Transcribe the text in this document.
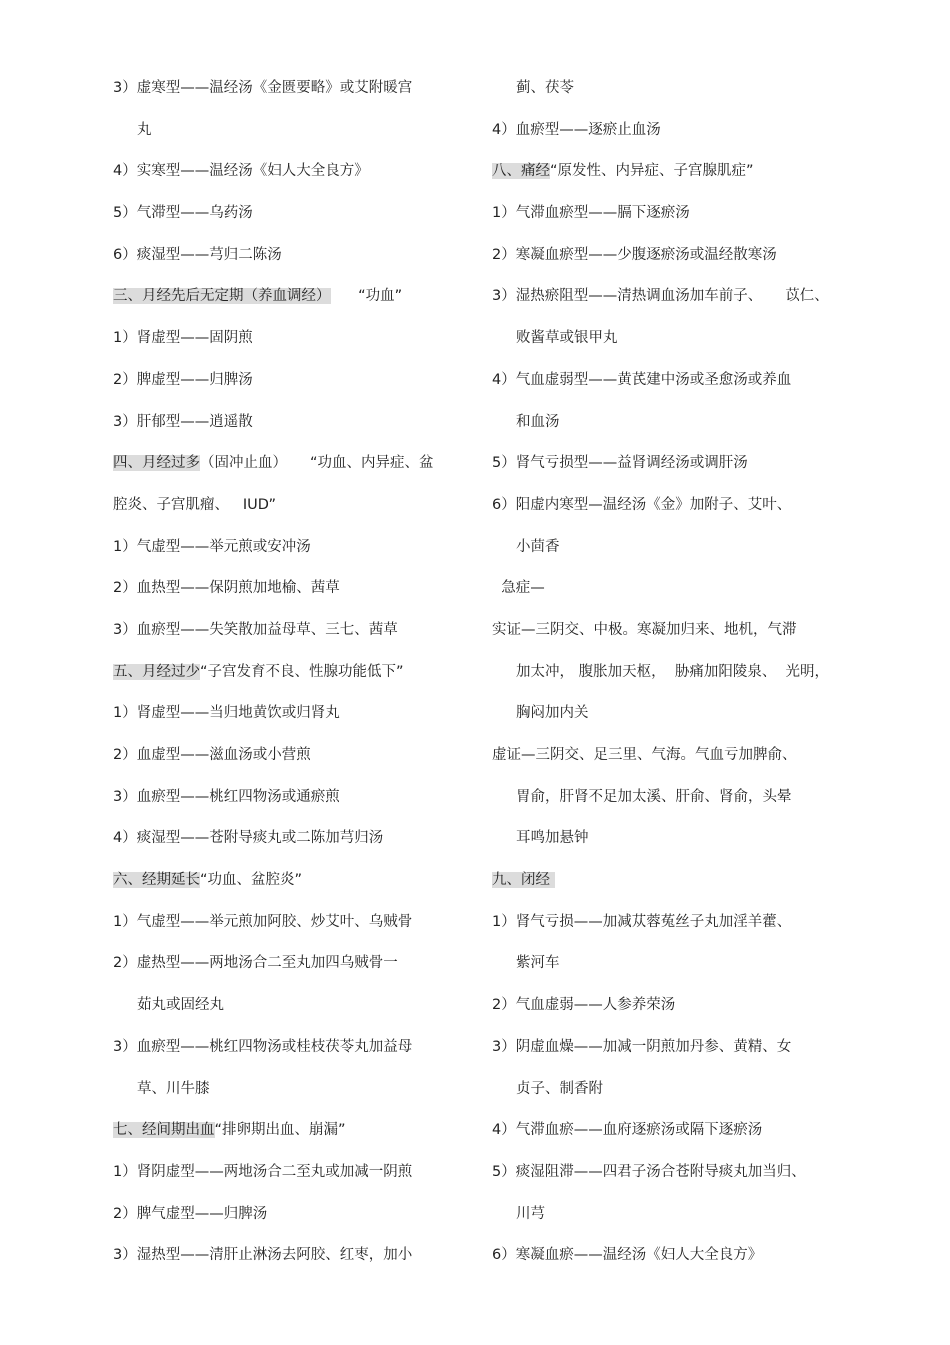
3）虚寒型——温经汤《金匮要略》或艾附暖宫
丸
4）实寒型——温经汤《妇人大全良方》
5）气滞型——乌药汤
6）痰湿型——芎归二陈汤
三、月经先后无定期（养血调经）      “功血”
1）肾虚型——固阴煎
2）脾虚型——归脾汤
3）肝郁型——逍遥散
四、月经过多（固冲止血）     “功血、内异症、盆
腔炎、子宫肌瘤、   IUD”
1）气虚型——举元煎或安冲汤
2）血热型——保阴煎加地榆、茜草
3）血瘀型——失笑散加益母草、三七、茜草
五、月经过少“子宫发育不良、性腺功能低下”
1）肾虚型——当归地黄饮或归肾丸
2）血虚型——滋血汤或小营煎
3）血瘀型——桃红四物汤或通瘀煎
4）痰湿型——苍附导痰丸或二陈加芎归汤
六、经期延长“功血、盆腔炎”
1）气虚型——举元煎加阿胶、炒艾叶、乌贼骨
2）虚热型——两地汤合二至丸加四乌贼骨一
茹丸或固经丸
3）血瘀型——桃红四物汤或桂枝茯苓丸加益母
草、川牛膝
七、经间期出血“排卵期出血、崩漏”
1）肾阴虚型——两地汤合二至丸或加减一阴煎
2）脾气虚型——归脾汤
3）湿热型——清肝止淋汤去阿胶、红枣，加小
蓟、茯苓
4）血瘀型——逐瘀止血汤
八、痛经“原发性、内异症、子宫腺肌症”
1）气滞血瘀型——膈下逐瘀汤
2）寒凝血瘀型——少腹逐瘀汤或温经散寒汤
3）湿热瘀阻型——清热调血汤加车前子、     苡仁、
败酱草或银甲丸
4）气血虚弱型——黄芪建中汤或圣愈汤或养血
和血汤
5）肾气亏损型——益肾调经汤或调肝汤
6）阳虚内寒型—温经汤《金》加附子、艾叶、
小茴香
急症—
实证—三阴交、中极。寒凝加归来、地机，气滞
加太冲， 腹胀加天枢，  胁痛加阳陵泉、  光明，
胸闷加内关
虚证—三阴交、足三里、气海。气血亏加脾俞、
胃俞，肝肾不足加太溪、肝俞、肾俞，头晕
耳鸣加悬钟
九、闭经
1）肾气亏损——加减苁蓉菟丝子丸加淫羊藿、
紫河车
2）气血虚弱——人参养荣汤
3）阴虚血燥——加减一阴煎加丹参、黄精、女
贞子、制香附
4）气滞血瘀——血府逐瘀汤或隔下逐瘀汤
5）痰湿阻滞——四君子汤合苍附导痰丸加当归、
川芎
6）寒凝血瘀——温经汤《妇人大全良方》
